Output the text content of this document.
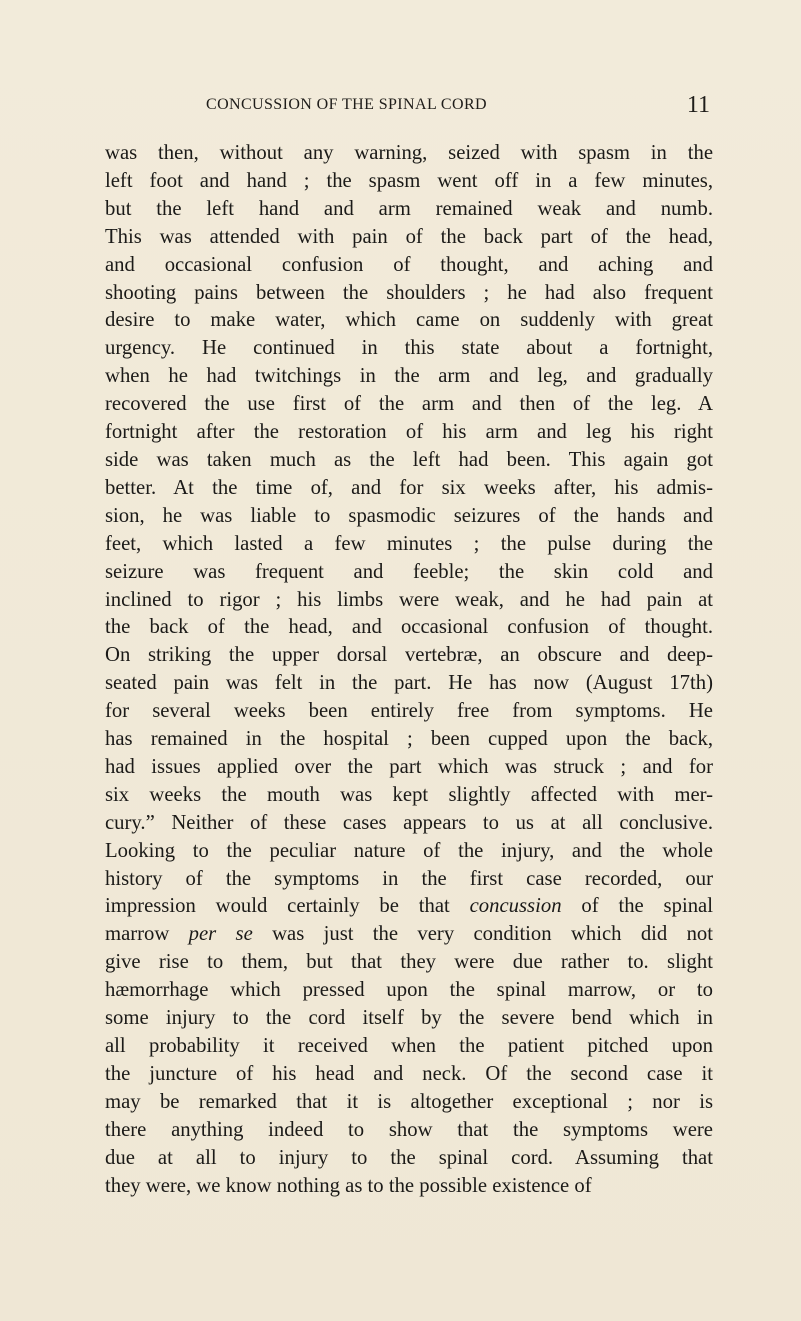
CONCUSSION OF THE SPINAL CORD	11
was then, without any warning, seized with spasm in the
left foot and hand ; the spasm went off in a few minutes,
but the left hand and arm remained weak and numb.
This was attended with pain of the back part of the head,
and occasional confusion of thought, and aching and
shooting pains between the shoulders ; he had also frequent
desire to make water, which came on suddenly with great
urgency. He continued in this state about a fortnight,
when he had twitchings in the arm and leg, and gradually
recovered the use first of the arm and then of the leg. A
fortnight after the restoration of his arm and leg his right
side was taken much as the left had been. This again got
better. At the time of, and for six weeks after, his admis-
sion, he was liable to spasmodic seizures of the hands and
feet, which lasted a few minutes ; the pulse during the
seizure was frequent and feeble; the skin cold and
inclined to rigor ; his limbs were weak, and he had pain at
the back of the head, and occasional confusion of thought.
On striking the upper dorsal vertebræ, an obscure and deep-
seated pain was felt in the part. He has now (August 17th)
for several weeks been entirely free from symptoms. He
has remained in the hospital ; been cupped upon the back,
had issues applied over the part which was struck ; and for
six weeks the mouth was kept slightly affected with mer-
cury.” Neither of these cases appears to us at all conclusive.
Looking to the peculiar nature of the injury, and the whole
history of the symptoms in the first case recorded, our
impression would certainly be that concussion of the spinal
marrow per se was just the very condition which did not
give rise to them, but that they were due rather to. slight
hæmorrhage which pressed upon the spinal marrow, or to
some injury to the cord itself by the severe bend which in
all probability it received when the patient pitched upon
the juncture of his head and neck. Of the second case it
may be remarked that it is altogether exceptional ; nor is
there anything indeed to show that the symptoms were
due at all to injury to the spinal cord. Assuming that
they were, we know nothing as to the possible existence of
